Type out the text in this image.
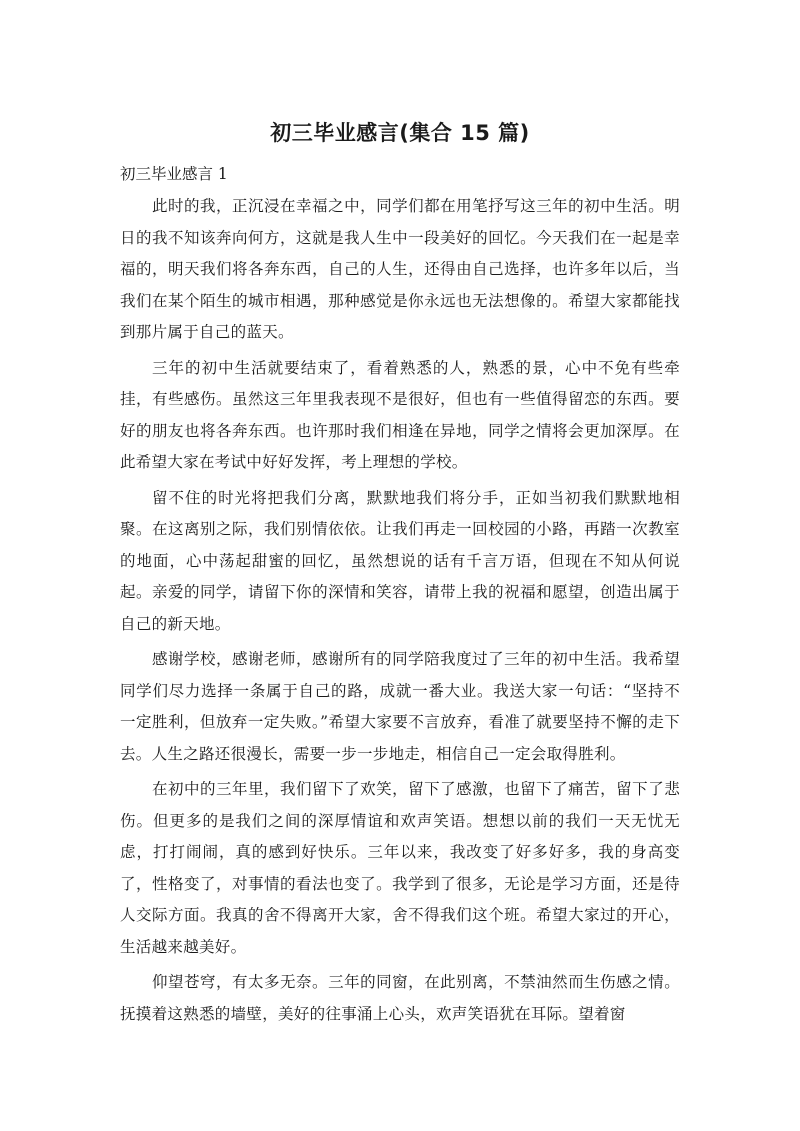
初三毕业感言(集合 15 篇)

初三毕业感言 1

此时的我，正沉浸在幸福之中，同学们都在用笔抒写这三年的初中生活。明日的我不知该奔向何方，这就是我人生中一段美好的回忆。今天我们在一起是幸福的，明天我们将各奔东西，自己的人生，还得由自己选择，也许多年以后，当我们在某个陌生的城市相遇，那种感觉是你永远也无法想像的。希望大家都能找到那片属于自己的蓝天。

三年的初中生活就要结束了，看着熟悉的人，熟悉的景，心中不免有些牵挂，有些感伤。虽然这三年里我表现不是很好，但也有一些值得留恋的东西。要好的朋友也将各奔东西。也许那时我们相逢在异地，同学之情将会更加深厚。在此希望大家在考试中好好发挥，考上理想的学校。

留不住的时光将把我们分离，默默地我们将分手，正如当初我们默默地相聚。在这离别之际，我们别情依依。让我们再走一回校园的小路，再踏一次教室的地面，心中荡起甜蜜的回忆，虽然想说的话有千言万语，但现在不知从何说起。亲爱的同学，请留下你的深情和笑容，请带上我的祝福和愿望，创造出属于自己的新天地。

感谢学校，感谢老师，感谢所有的同学陪我度过了三年的初中生活。我希望同学们尽力选择一条属于自己的路，成就一番大业。我送大家一句话：“坚持不一定胜利，但放弃一定失败。”希望大家要不言放弃，看准了就要坚持不懈的走下去。人生之路还很漫长，需要一步一步地走，相信自己一定会取得胜利。

在初中的三年里，我们留下了欢笑，留下了感激，也留下了痛苦，留下了悲伤。但更多的是我们之间的深厚情谊和欢声笑语。想想以前的我们一天无忧无虑，打打闹闹，真的感到好快乐。三年以来，我改变了好多好多，我的身高变了，性格变了，对事情的看法也变了。我学到了很多，无论是学习方面，还是待人交际方面。我真的舍不得离开大家，舍不得我们这个班。希望大家过的开心，生活越来越美好。

仰望苍穹，有太多无奈。三年的同窗，在此别离，不禁油然而生伤感之情。抚摸着这熟悉的墙壁，美好的往事涌上心头，欢声笑语犹在耳际。望着窗
